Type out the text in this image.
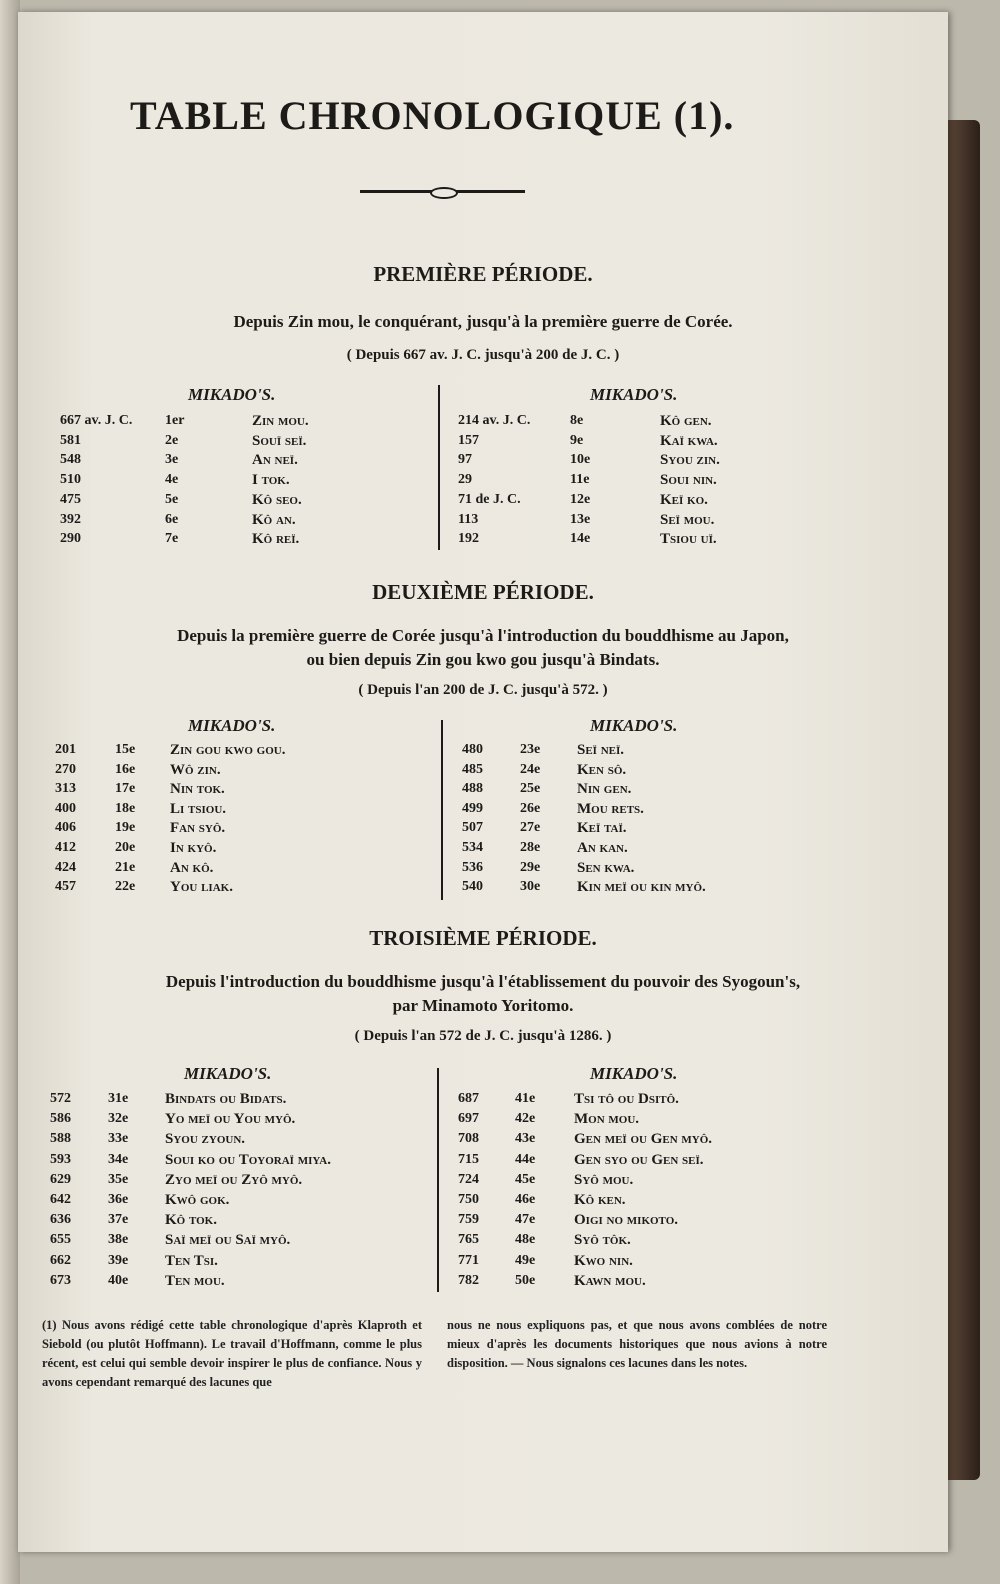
TABLE CHRONOLOGIQUE (1).
PREMIÈRE PÉRIODE.
Depuis Zin mou, le conquérant, jusqu'à la première guerre de Corée.
( Depuis 667 av. J. C. jusqu'à 200 de J. C. )
MIKADO'S.	MIKADO'S.
667 av. J. C. 1er	Zin mou.
581	2e	Souï seï.
548	3e	An neï.
510	4e	I tok.
475	5e	Kô seo.
392	6e	Kô an.
290	7e	Kô reï.
214 av. J. C.	8e	Kô gen.
157	9e	Kaï kwa.
97	10e	Syou zin.
29	11e	Soui nin.
71 de J. C.	12e	Keï ko.
113	13e	Seï mou.
192	14e	Tsiou uï.
DEUXIÈME PÉRIODE.
Depuis la première guerre de Corée jusqu'à l'introduction du bouddhisme au Japon,
ou bien depuis Zin gou kwo gou jusqu'à Bindats.
( Depuis l'an 200 de J. C. jusqu'à 572. )
MIKADO'S.	MIKADO'S.
201	15e Zin gou kwo gou.
270	16e Wô zin.
313	17e Nin tok.
400	18e Li tsiou.
406	19e Fan syô.
412	20e In kyô.
424	21e An kô.
457	22e You liak.
480	23e Seï neï.
485	24e Ken sô.
488	25e Nin gen.
499	26e Mou rets.
507	27e Keï taï.
534	28e An kan.
536	29e Sen kwa.
540	30e Kin meï ou kin myô.
TROISIÈME PÉRIODE.
Depuis l'introduction du bouddhisme jusqu'à l'établissement du pouvoir des Syogoun's,
par Minamoto Yoritomo.
( Depuis l'an 572 de J. C. jusqu'à 1286. )
MIKADO'S.	MIKADO'S.
572	31e Bindats ou Bidats.
586	32e Yo meï ou You myô.
588	33e Syou zyoun.
593	34e Soui ko ou Toyoraï miya.
629	35e Zyo meï ou Zyô myô.
642	36e Kwô gok.
636	37e Kô tok.
655	38e Saï meï ou Saï myô.
662	39e Ten Tsi.
673	40e Ten mou.
687	41e	Tsi tô ou Dsitô.
697	42e	Mon mou.
708	43e	Gen meï ou Gen myô.
715	44e	Gen syo ou Gen seï.
724	45e	Syô mou.
750	46e	Kô ken.
759	47e	Oigi no mikoto.
765	48e	Syô tôk.
771	49e	Kwo nin.
782	50e	Kawn mou.
(1) Nous avons rédigé cette table chronologique d'après Klaproth et Siebold (ou plutôt Hoffmann). Le travail d'Hoffmann, comme le plus récent, est celui qui semble devoir inspirer le plus de confiance. Nous y avons cependant remarqué des lacunes que
nous ne nous expliquons pas, et que nous avons comblées de notre mieux d'après les documents historiques que nous avions à notre disposition. — Nous signalons ces lacunes dans les notes.
